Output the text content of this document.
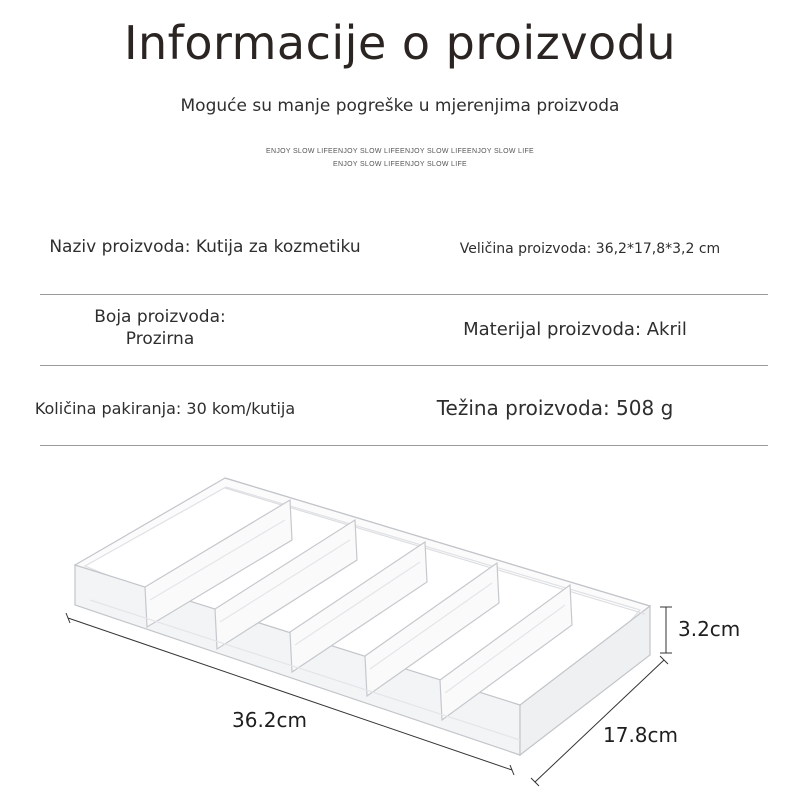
Informacije o proizvodu
Moguće su manje pogreške u mjerenjima proizvoda
ENJOY SLOW LIFEENJOY SLOW LIFEENJOY SLOW LIFEENJOY SLOW LIFE
ENJOY SLOW LIFEENJOY SLOW LIFE
Naziv proizvoda: Kutija za kozmetiku	Veličina proizvoda: 36,2*17,8*3,2 cm
Boja proizvoda:
Prozirna	Materijal proizvoda: Akril
Količina pakiranja: 30 kom/kutija	Težina proizvoda: 508 g
3.2cm
36.2cm
17.8cm
